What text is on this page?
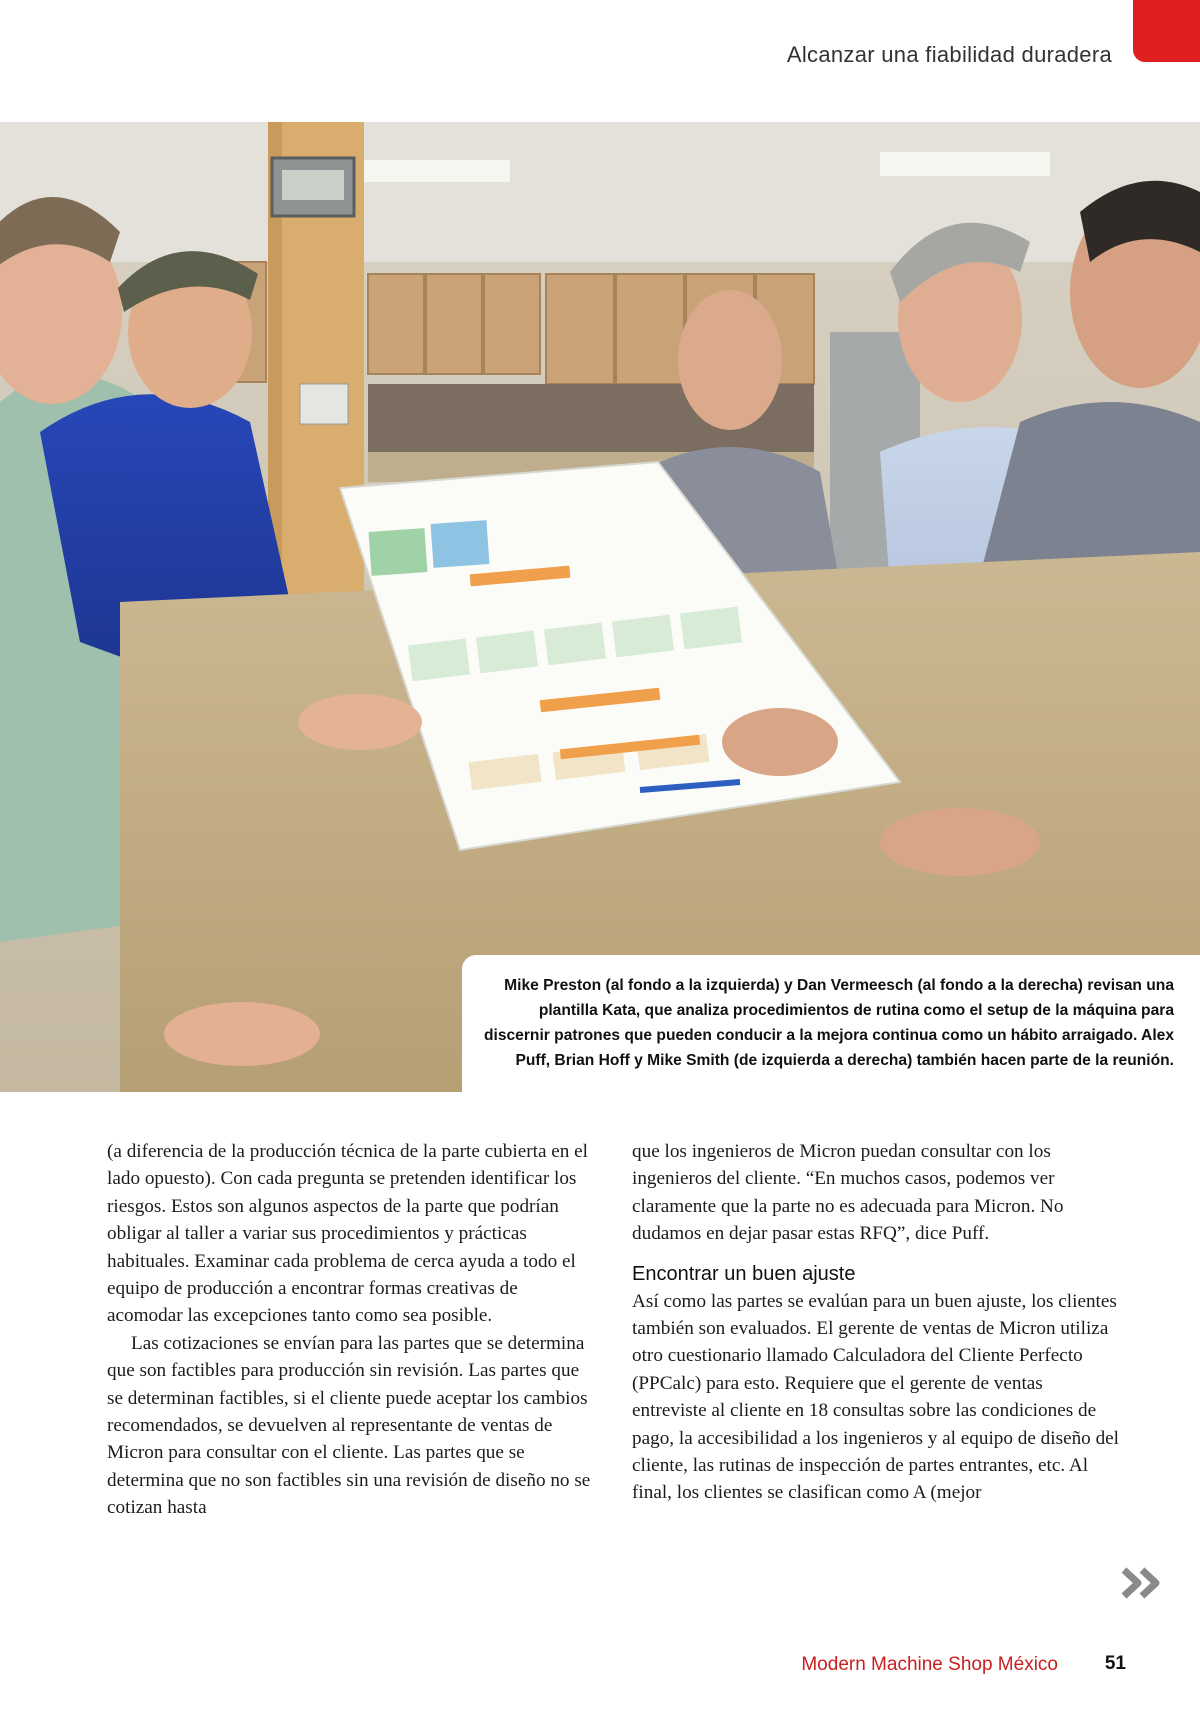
Alcanzar una fiabilidad duradera

Mike Preston (al fondo a la izquierda) y Dan Vermeesch (al fondo a la derecha) revisan una plantilla Kata, que analiza procedimientos de rutina como el setup de la máquina para discernir patrones que pueden conducir a la mejora continua como un hábito arraigado. Alex Puff, Brian Hoff y Mike Smith (de izquierda a derecha) también hacen parte de la reunión.

(a diferencia de la producción técnica de la parte cubierta en el lado opuesto). Con cada pregunta se pretenden identificar los riesgos. Estos son algunos aspectos de la parte que podrían obligar al taller a variar sus procedimientos y prácticas habituales. Examinar cada problema de cerca ayuda a todo el equipo de producción a encontrar formas creativas de acomodar las excepciones tanto como sea posible.

Las cotizaciones se envían para las partes que se determina que son factibles para producción sin revisión. Las partes que se determinan factibles, si el cliente puede aceptar los cambios recomendados, se devuelven al representante de ventas de Micron para consultar con el cliente. Las partes que se determina que no son factibles sin una revisión de diseño no se cotizan hasta

que los ingenieros de Micron puedan consultar con los ingenieros del cliente. “En muchos casos, podemos ver claramente que la parte no es adecuada para Micron. No dudamos en dejar pasar estas RFQ”, dice Puff.

Encontrar un buen ajuste

Así como las partes se evalúan para un buen ajuste, los clientes también son evaluados. El gerente de ventas de Micron utiliza otro cuestionario llamado Calculadora del Cliente Perfecto (PPCalc) para esto. Requiere que el gerente de ventas entreviste al cliente en 18 consultas sobre las condiciones de pago, la accesibilidad a los ingenieros y al equipo de diseño del cliente, las rutinas de inspección de partes entrantes, etc. Al final, los clientes se clasifican como A (mejor

Modern Machine Shop México 51
